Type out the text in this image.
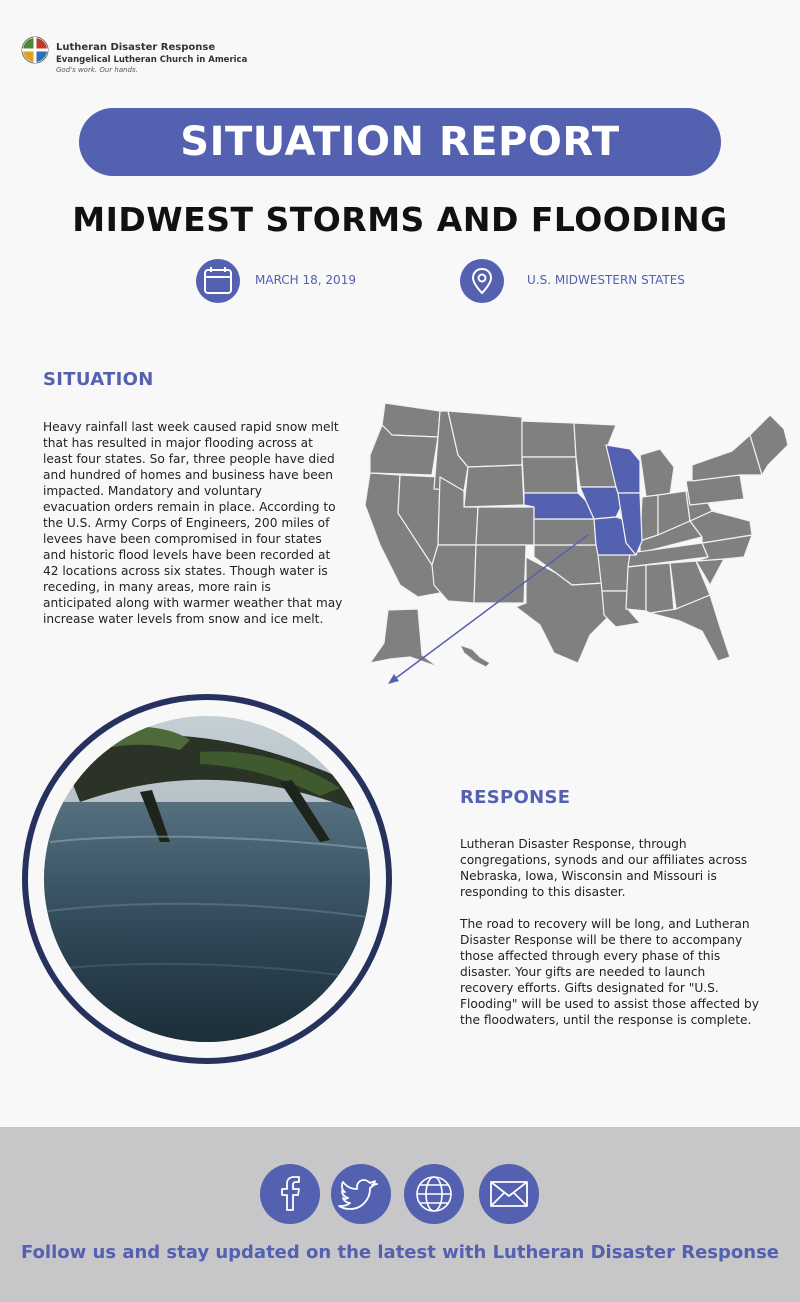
Lutheran Disaster Response
Evangelical Lutheran Church in America
God's work. Our hands.
SITUATION REPORT
MIDWEST STORMS AND FLOODING
MARCH 18, 2019	U.S. MIDWESTERN STATES
SITUATION
Heavy rainfall last week caused rapid snow melt
that has resulted in major flooding across at
least four states. So far, three people have died
and hundred of homes and business have been
impacted. Mandatory and voluntary
evacuation orders remain in place. According to
the U.S. Army Corps of Engineers, 200 miles of
levees have been compromised in four states
and historic flood levels have been recorded at
42 locations across six states. Though water is
receding, in many areas, more rain is
anticipated along with warmer weather that may
increase water levels from snow and ice melt.
RESPONSE
Lutheran Disaster Response, through
congregations, synods and our affiliates across
Nebraska, Iowa, Wisconsin and Missouri is
responding to this disaster.
The road to recovery will be long, and Lutheran
Disaster Response will be there to accompany
those affected through every phase of this
disaster. Your gifts are needed to launch
recovery efforts. Gifts designated for "U.S.
Flooding" will be used to assist those affected by
the floodwaters, until the response is complete.
Follow us and stay updated on the latest with Lutheran Disaster Response
